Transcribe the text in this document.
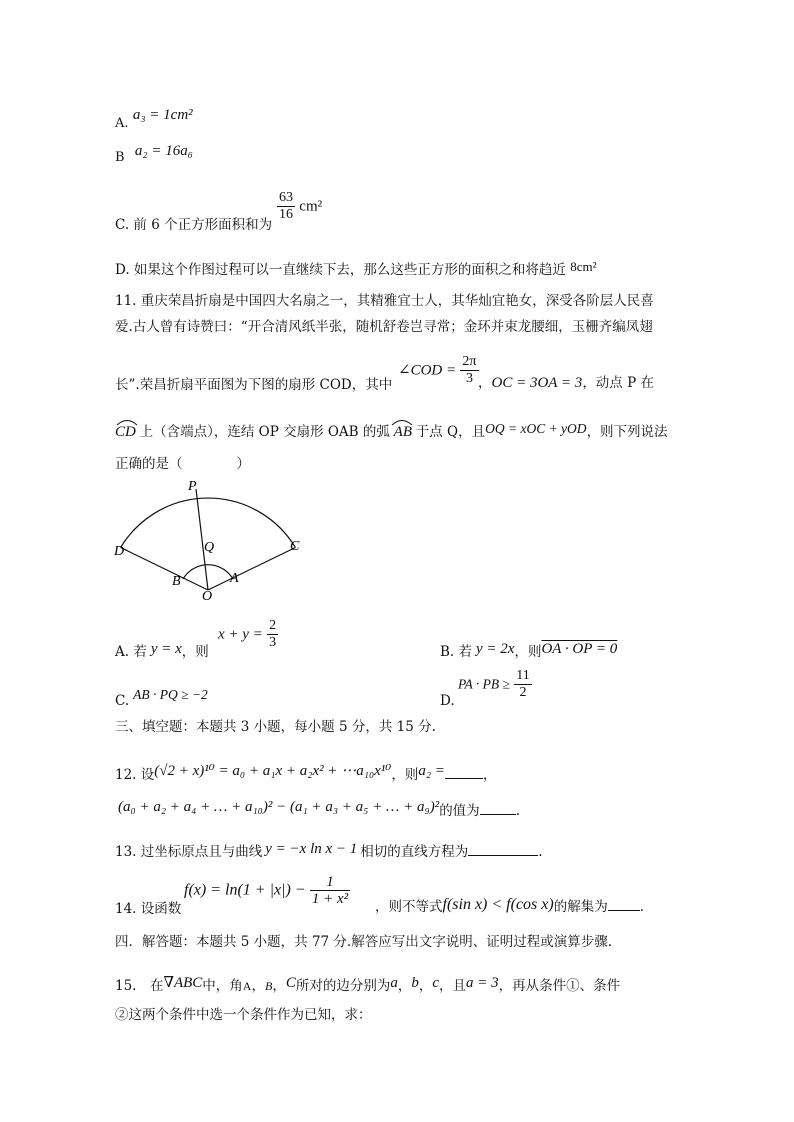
A. a₃ = 1cm²
B a₂ = 16a₆
C. 前 6 个正方形面积和为
$\frac{63}{16} cm^2$
D. 如果这个作图过程可以一直继续下去，那么这些正方形的面积之和将趋近 8cm²
11. 重庆荣昌折扇是中国四大名扇之一，其精雅宜士人，其华灿宜艳女，深受各阶层人民喜
爱.古人曾有诗赞曰：“开合清风纸半张，随机舒卷岂寻常；金环并束龙腰细，玉栅齐编凤翅
长”.荣昌折扇平面图为下图的扇形 COD，其中
∠COD = $\frac{2\pi}{3}$ ，OC = 3OA = 3，动点 P 在
CD 上（含端点），连结 OP 交扇形 OAB 的弧 AB 于点 Q，且OQ = xOC + yOD，则下列说法
正确的是（　　　　）
P
Q
D	C
B	A
O
A. 若 y = x，则
$x + y = \frac{2}{3}$
B. 若 y = 2x，则OA · OP = 0
C. AB · PQ ≥ −2	D.
PA · PB ≥ $\frac{11}{2}$
三、填空题：本题共 3 小题，每小题 5 分，共 15 分.
12. 设(√2 + x)¹⁰ = a₀ + a₁x + a₂x² + ⋯a₁₀x¹⁰，则a₂ =	，
(a₀ + a₂ + a₄ + … + a₁₀)² − (a₁ + a₃ + a₅ + … + a₉)²的值为	.
13. 过坐标原点且与曲线 y = −x ln x − 1 相切的直线方程为	.
14. 设函数
$f(x) = \ln(1 + |x|) - \frac{1}{\text{1 + x²}}$ ，则不等式f(sin x) < f(cos x)的解集为 .
四．解答题：本题共 5 小题，共 77 分.解答应写出文字说明、证明过程或演算步骤.
15.　在∇ABC中，角A，B，C所对的边分别为a，b，c，且a = 3，再从条件①、条件
②这两个条件中选一个条件作为已知，求：
